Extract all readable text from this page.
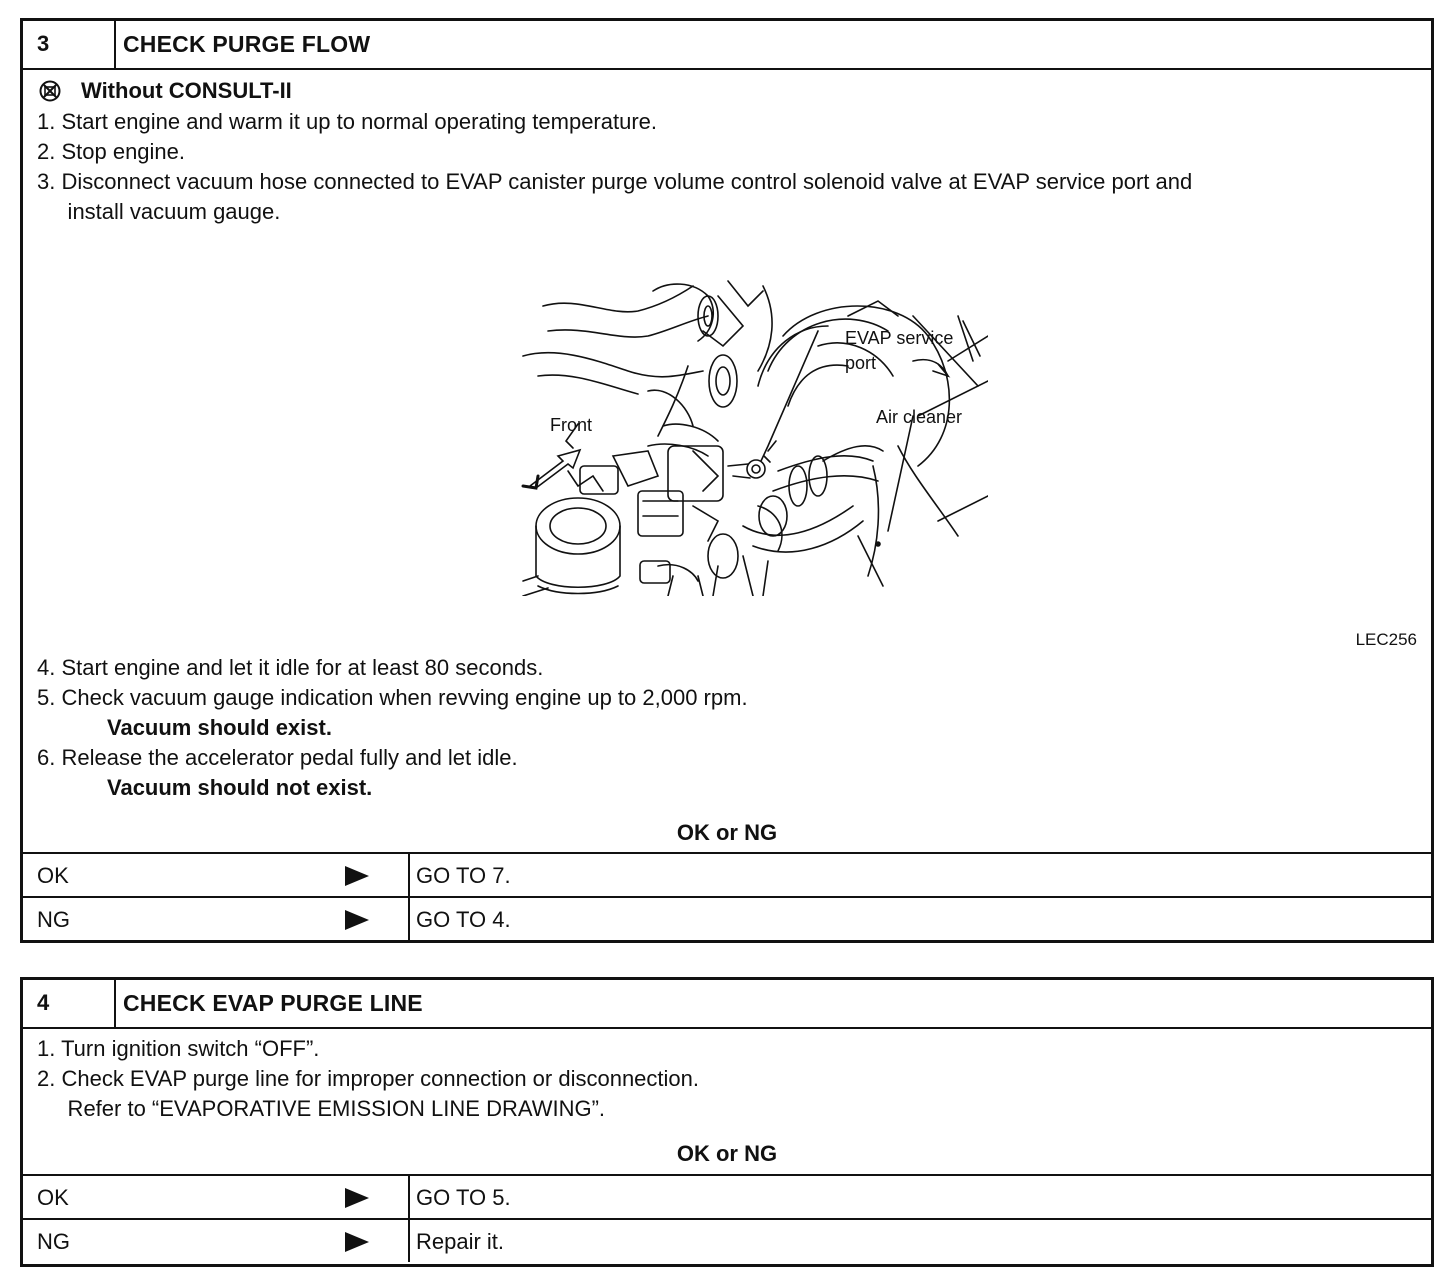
3	CHECK PURGE FLOW
Without CONSULT-II
1. Start engine and warm it up to normal operating temperature.
2. Stop engine.
3. Disconnect vacuum hose connected to EVAP canister purge volume control solenoid valve at EVAP service port and
install vacuum gauge.
EVAP service
port
Air cleaner
Front
LEC256
4. Start engine and let it idle for at least 80 seconds.
5. Check vacuum gauge indication when revving engine up to 2,000 rpm.
Vacuum should exist.
6. Release the accelerator pedal fully and let idle.
Vacuum should not exist.
OK or NG
OK	GO TO 7.
NG	GO TO 4.
4	CHECK EVAP PURGE LINE
1. Turn ignition switch “OFF”.
2. Check EVAP purge line for improper connection or disconnection.
Refer to “EVAPORATIVE EMISSION LINE DRAWING”.
OK or NG
OK	GO TO 5.
NG	Repair it.
